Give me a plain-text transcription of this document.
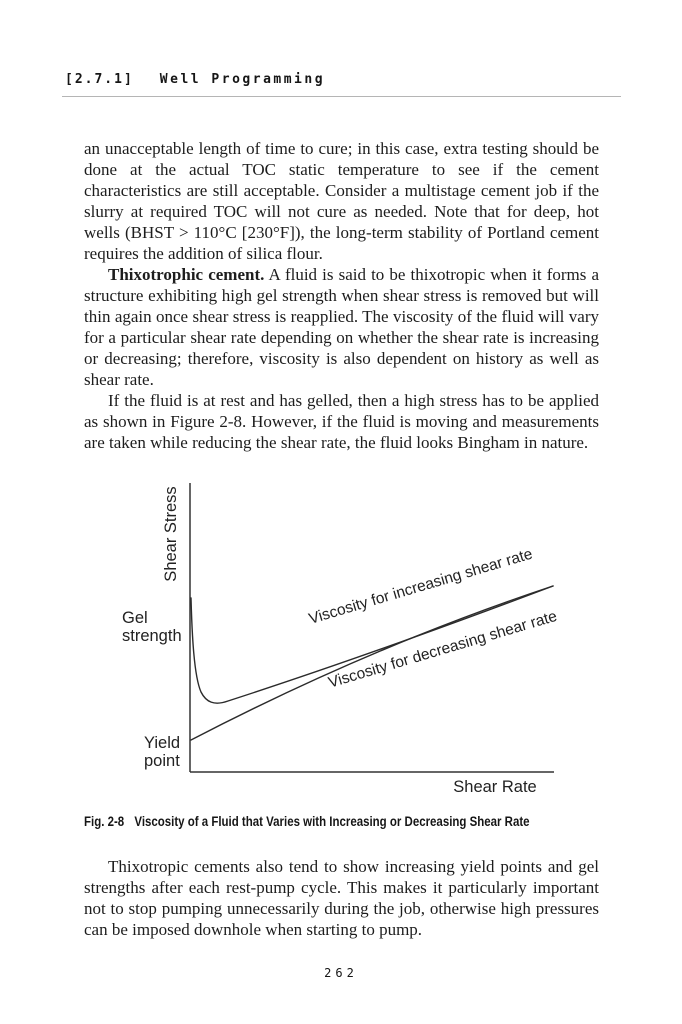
[2.7.1] Well Programming

an unacceptable length of time to cure; in this case, extra testing should be done at the actual TOC static temperature to see if the cement characteristics are still acceptable. Consider a multistage cement job if the slurry at required TOC will not cure as needed. Note that for deep, hot wells (BHST > 110°C [230°F]), the long-term stability of Portland cement requires the addition of silica flour.

Thixotrophic cement. A fluid is said to be thixotropic when it forms a structure exhibiting high gel strength when shear stress is removed but will thin again once shear stress is reapplied. The viscosity of the fluid will vary for a particular shear rate depending on whether the shear rate is increasing or decreasing; therefore, viscosity is also dependent on history as well as shear rate.

If the fluid is at rest and has gelled, then a high stress has to be applied as shown in Figure 2-8. However, if the fluid is moving and measurements are taken while reducing the shear rate, the fluid looks Bingham in nature.

Shear Stress
Shear Rate
Gel
strength
Yield
point
Viscosity for increasing shear rate
Viscosity for decreasing shear rate
Fig. 2-8 Viscosity of a Fluid that Varies with Increasing or Decreasing Shear Rate

Thixotropic cements also tend to show increasing yield points and gel strengths after each rest-pump cycle. This makes it particularly important not to stop pumping unnecessarily during the job, otherwise high pressures can be imposed downhole when starting to pump.

262
